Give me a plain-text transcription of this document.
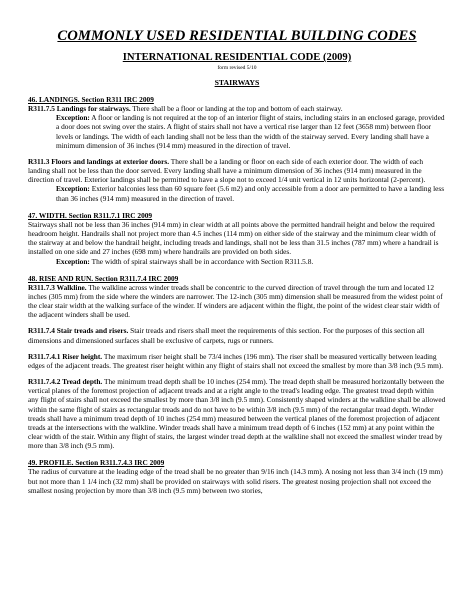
COMMONLY USED RESIDENTIAL BUILDING CODES
INTERNATIONAL RESIDENTIAL CODE (2009)
form revised 5/10
STAIRWAYS
46. LANDINGS. Section R311 IRC 2009

R311.7.5 Landings for stairways. There shall be a floor or landing at the top and bottom of each stairway.

Exception: A floor or landing is not required at the top of an interior flight of stairs, including stairs in an enclosed garage, provided a door does not swing over the stairs. A flight of stairs shall not have a vertical rise larger than 12 feet (3658 mm) between floor levels or landings. The width of each landing shall not be less than the width of the stairway served. Every landing shall have a minimum dimension of 36 inches (914 mm) measured in the direction of travel.

R311.3 Floors and landings at exterior doors. There shall be a landing or floor on each side of each exterior door. The width of each landing shall not be less than the door served. Every landing shall have a minimum dimension of 36 inches (914 mm) measured in the direction of travel. Exterior landings shall be permitted to have a slope not to exceed 1/4 unit vertical in 12 units horizontal (2-percent).

Exception: Exterior balconies less than 60 square feet (5.6 m2) and only accessible from a door are permitted to have a landing less than 36 inches (914 mm) measured in the direction of travel.

47. WIDTH. Section R311.7.1 IRC 2009

Stairways shall not be less than 36 inches (914 mm) in clear width at all points above the permitted handrail height and below the required headroom height. Handrails shall not project more than 4.5 inches (114 mm) on either side of the stairway and the minimum clear width of the stairway at and below the handrail height, including treads and landings, shall not be less than 31.5 inches (787 mm) where a handrail is installed on one side and 27 inches (698 mm) where handrails are provided on both sides.

Exception: The width of spiral stairways shall be in accordance with Section R311.5.8.

48. RISE AND RUN. Section R311.7.4 IRC 2009

R311.7.3 Walkline. The walkline across winder treads shall be concentric to the curved direction of travel through the turn and located 12 inches (305 mm) from the side where the winders are narrower. The 12-inch (305 mm) dimension shall be measured from the widest point of the clear stair width at the walking surface of the winder. If winders are adjacent within the flight, the point of the widest clear stair width of the adjacent winders shall be used.

R311.7.4 Stair treads and risers. Stair treads and risers shall meet the requirements of this section. For the purposes of this section all dimensions and dimensioned surfaces shall be exclusive of carpets, rugs or runners.

R311.7.4.1 Riser height. The maximum riser height shall be 73/4 inches (196 mm). The riser shall be measured vertically between leading edges of the adjacent treads. The greatest riser height within any flight of stairs shall not exceed the smallest by more than 3/8 inch (9.5 mm).

R311.7.4.2 Tread depth. The minimum tread depth shall be 10 inches (254 mm). The tread depth shall be measured horizontally between the vertical planes of the foremost projection of adjacent treads and at a right angle to the tread's leading edge. The greatest tread depth within any flight of stairs shall not exceed the smallest by more than 3/8 inch (9.5 mm). Consistently shaped winders at the walkline shall be allowed within the same flight of stairs as rectangular treads and do not have to be within 3/8 inch (9.5 mm) of the rectangular tread depth. Winder treads shall have a minimum tread depth of 10 inches (254 mm) measured between the vertical planes of the foremost projection of adjacent treads at the intersections with the walkline. Winder treads shall have a minimum tread depth of 6 inches (152 mm) at any point within the clear width of the stair. Within any flight of stairs, the largest winder tread depth at the walkline shall not exceed the smallest winder tread by more than 3/8 inch (9.5 mm).

49. PROFILE. Section R311.7.4.3 IRC 2009

The radius of curvature at the leading edge of the tread shall be no greater than 9/16 inch (14.3 mm). A nosing not less than 3/4 inch (19 mm) but not more than 1 1/4 inch (32 mm) shall be provided on stairways with solid risers. The greatest nosing projection shall not exceed the smallest nosing projection by more than 3/8 inch (9.5 mm) between two stories,
